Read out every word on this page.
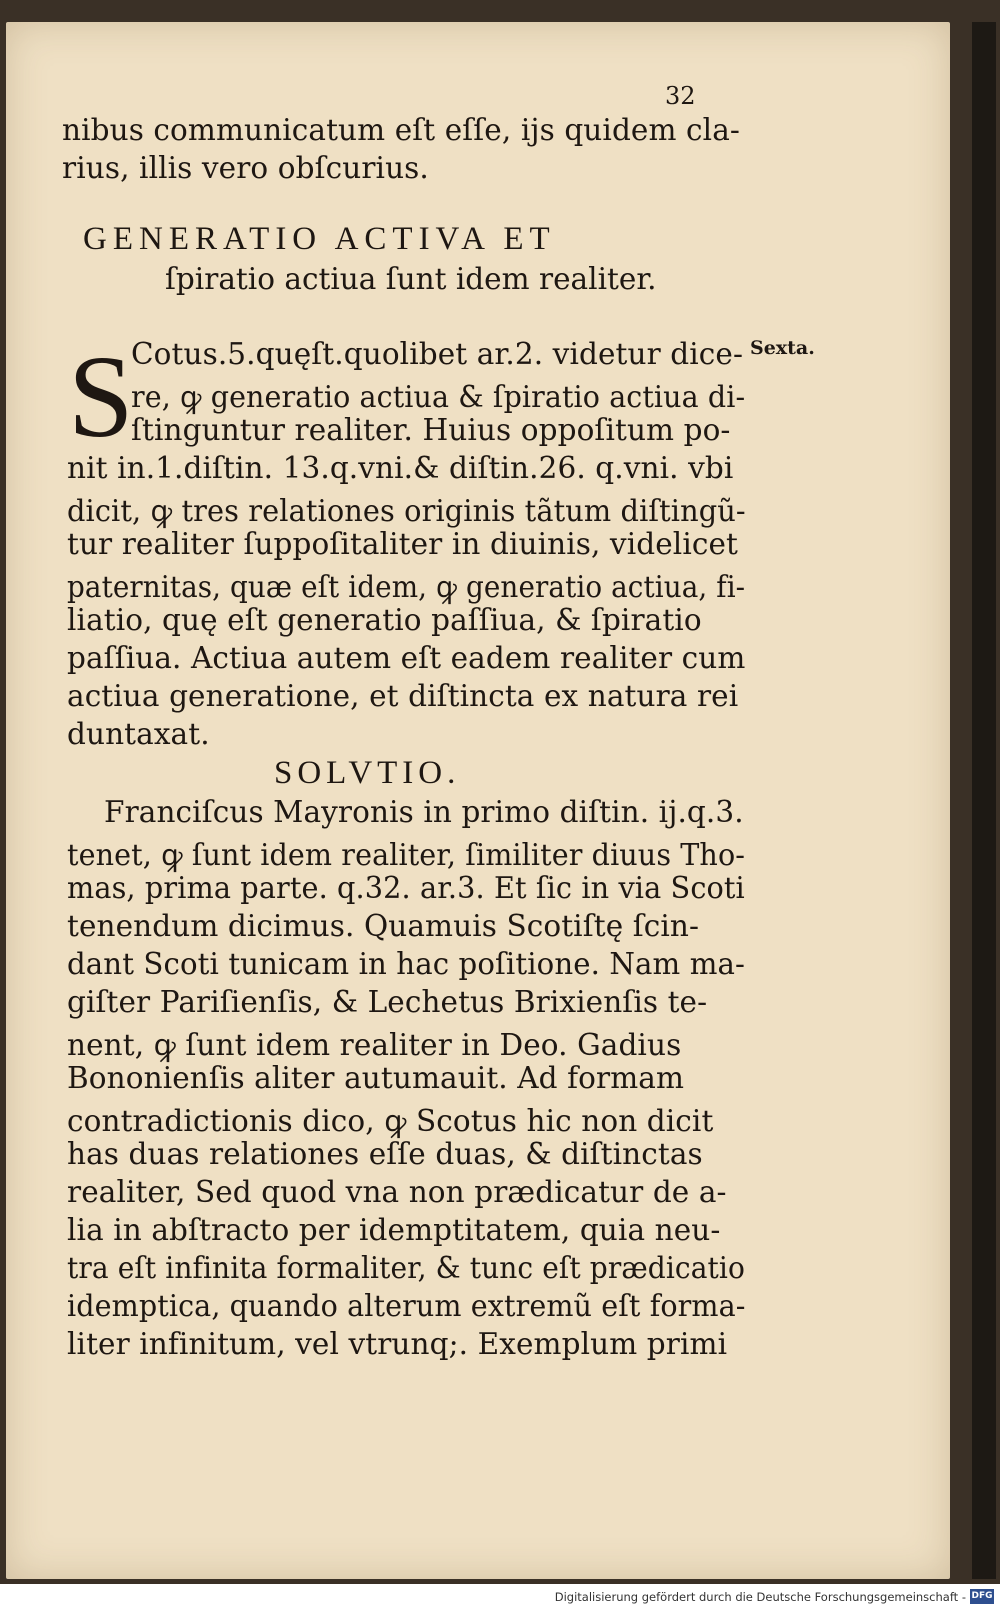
32
nibus communicatum eſt eſſe, ijs quidem cla-
rius, illis vero obſcurius.
GENERATIO ACTIVA ET
ſpiratio actiua ſunt idem realiter.
S	Sexta.
Cotus.5.quęſt.quolibet ar.2. videtur dice-
re, ꝙ generatio actiua & ſpiratio actiua di-
ſtinguntur realiter. Huius oppoſitum po-
nit in.1.diſtin. 13.q.vni.& diſtin.26. q.vni. vbi
dicit, ꝙ tres relationes originis tãtum diſtingũ-
tur realiter ſuppoſitaliter in diuinis, videlicet
paternitas, quæ eſt idem, ꝙ generatio actiua, fi-
liatio, quę eſt generatio paſſiua, & ſpiratio
paſſiua. Actiua autem eſt eadem realiter cum
actiua generatione, et diſtincta ex natura rei
duntaxat.
SOLVTIO.
Franciſcus Mayronis in primo diſtin. ij.q.3.
tenet, ꝙ ſunt idem realiter, ſimiliter diuus Tho-
mas, prima parte. q.32. ar.3. Et ſic in via Scoti
tenendum dicimus. Quamuis Scotiſtę ſcin-
dant Scoti tunicam in hac poſitione. Nam ma-
giſter Pariſienſis, & Lechetus Brixienſis te-
nent, ꝙ ſunt idem realiter in Deo. Gadius
Bononienſis aliter autumauit. Ad formam
contradictionis dico, ꝙ Scotus hic non dicit
has duas relationes eſſe duas, & diſtinctas
realiter, Sed quod vna non prædicatur de a-
lia in abſtracto per idemptitatem, quia neu-
tra eſt infinita formaliter, & tunc eſt prædicatio
idemptica, quando alterum extremũ eſt forma-
liter infinitum, vel vtrunq;. Exemplum primi
Digitalisierung gefördert durch die Deutsche Forschungsgemeinschaft - DFG
